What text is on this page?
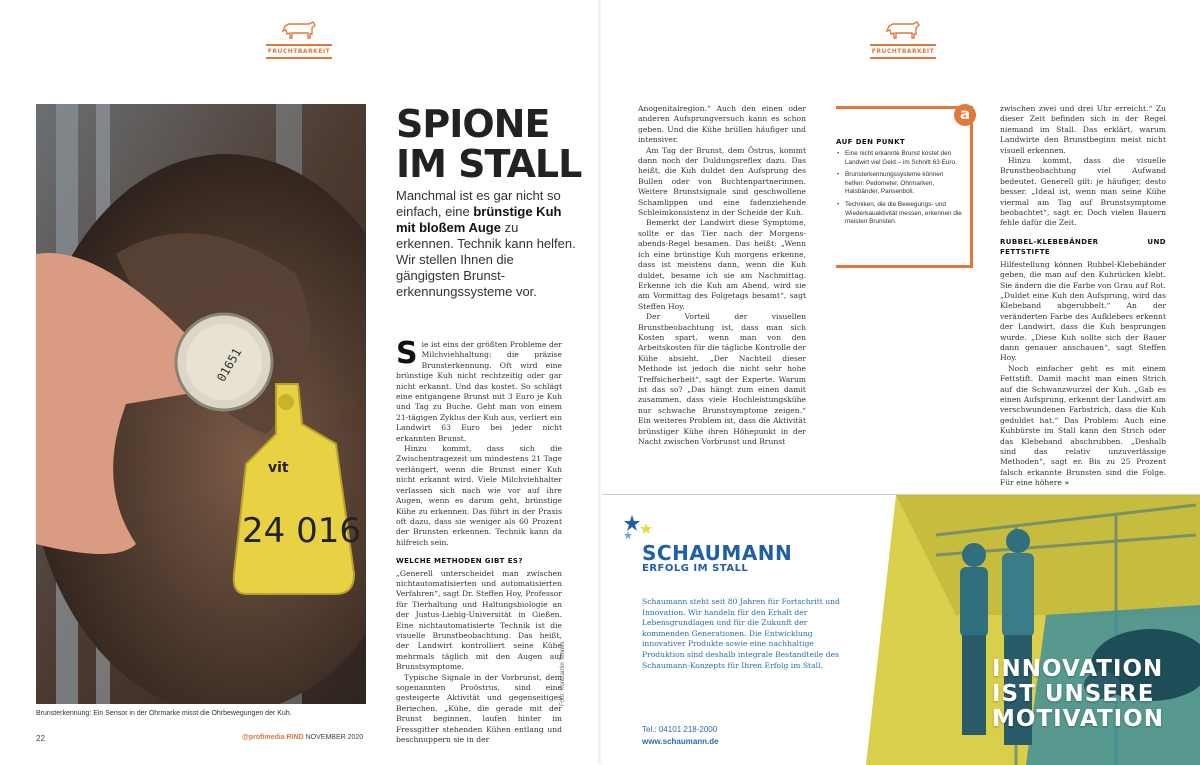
FRUCHTBARKEIT
01651
vit
24 016
Brunsterkennung: Ein Sensor in der Ohrmarke misst die Ohrbewegungen der Kuh.
Foto: Konstantin Tennes
SPIONE
IM STALL
Manchmal ist es gar nicht so einfach, eine brünstige Kuh mit bloßem Auge zu erkennen. Technik kann helfen. Wir stellen Ihnen die gängigsten Brunst-erkennungssysteme vor.

Sie ist eins der größten Probleme der Milchviehhaltung: die präzise Brunsterkennung. Oft wird eine brünstige Kuh nicht rechtzeitig oder gar nicht erkannt. Und das kostet. So schlägt eine entgangene Brunst mit 3 Euro je Kuh und Tag zu Buche. Geht man von einem 21-tägigen Zyklus der Kuh aus, verliert ein Landwirt 63 Euro bei jeder nicht erkannten Brunst.

Hinzu kommt, dass sich die Zwischentragezeit um mindestens 21 Tage verlängert, wenn die Brunst einer Kuh nicht erkannt wird. Viele Milchviehhalter verlassen sich nach wie vor auf ihre Augen, wenn es darum geht, brünstige Kühe zu erkennen. Das führt in der Praxis oft dazu, dass sie weniger als 60 Prozent der Brunsten erkennen. Technik kann da hilfreich sein.

WELCHE METHODEN GIBT ES?

„Generell unterscheidet man zwischen nichtautomatisierten und automatisierten Verfahren“, sagt Dr. Steffen Hoy, Professor für Tierhaltung und Haltungsbiologie an der Justus-Liebig-Universität in Gießen. Eine nichtautomatisierte Technik ist die visuelle Brunstbeobachtung. Das heißt, der Landwirt kontrolliert seine Kühe mehrmals täglich mit den Augen auf Brunstsymptome.

Typische Signale in der Vorbrunst, dem sogenannten Proöstrus, sind eine gesteigerte Aktivität und gegenseitiges Beriechen. „Kühe, die gerade mit der Brunst beginnen, laufen hinter im Fressgitter stehenden Kühen entlang und beschnuppern sie in der

22	@profimedia RIND NOVEMBER 2020
FRUCHTBARKEIT

Anogenitalregion.“ Auch den einen oder anderen Aufsprungversuch kann es schon geben. Und die Kühe brüllen häufiger und intensiver.

Am Tag der Brunst, dem Östrus, kommt dann noch der Duldungsreflex dazu. Das heißt, die Kuh duldet den Aufsprung des Bullen oder von Buchtenpartnerinnen. Weitere Brunstsignale sind geschwollene Schamlippen und eine fadenziehende Schleimkonsistenz in der Scheide der Kuh.

Bemerkt der Landwirt diese Symptome, sollte er das Tier nach der Morgens-abends-Regel besamen. Das heißt: „Wenn ich eine brünstige Kuh morgens erkenne, dass ist meistens dann, wenn die Kuh duldet, besame ich sie am Nachmittag. Erkenne ich die Kuh am Abend, wird sie am Vormittag des Folgetags besamt“, sagt Steffen Hoy.

Der Vorteil der visuellen Brunstbeobachtung ist, dass man sich Kosten spart, wenn man von den Arbeitskosten für die tägliche Kontrolle der Kühe absieht. „Der Nachteil dieser Methode ist jedoch die nicht sehr hohe Treffsicherheit“, sagt der Experte. Warum ist das so? „Das hängt zum einen damit zusammen, dass viele Hochleistungskühe nur schwache Brunstsymptome zeigen.“ Ein weiteres Problem ist, dass die Aktivität brünstiger Kühe ihren Höhepunkt in der Nacht zwischen Vorbrunst und Brunst

a
AUF DEN PUNKT
• Eine nicht erkannte Brunst kostet den Landwirt viel Geld – im Schnitt 63 Euro.
• Brunsterkennungssysteme können helfen: Pedometer, Ohrmarken, Halsbänder, Pansenboli.
• Techniken, die die Bewegungs- und Wiederkauaktivität messen, erkennen die meisten Brunsten.

zwischen zwei und drei Uhr erreicht.“ Zu dieser Zeit befinden sich in der Regel niemand im Stall. Das erklärt, warum Landwirte den Brunstbeginn meist nicht visuell erkennen.

Hinzu kommt, dass die visuelle Brunstbeobachtung viel Aufwand bedeutet. Generell gilt: je häufiger, desto besser. „Ideal ist, wenn man seine Kühe viermal am Tag auf Brunstsymptome beobachtet“, sagt er. Doch vielen Bauern fehle dafür die Zeit.

RUBBEL-KLEBEBÄNDER UND FETTSTIFTE

Hilfestellung können Rubbel-Klebebänder geben, die man auf den Kuhrücken klebt. Sie ändern die die Farbe von Grau auf Rot. „Duldet eine Kuh den Aufsprung, wird das Klebeband abgerubbelt.“ An der veränderten Farbe des Aufklebers erkennt der Landwirt, dass die Kuh besprungen wurde. „Diese Kuh sollte sich der Bauer dann genauer anschauen“, sagt Steffen Hoy.

Noch einfacher geht es mit einem Fettstift. Damit macht man einen Strich auf die Schwanzwurzel der Kuh. „Gab es einen Aufsprung, erkennt der Landwirt am verschwundenen Farbstrich, dass die Kuh geduldet hat.“ Das Problem: Auch eine Kuhbürste im Stall kann den Strich oder das Klebeband abschrubben. „Deshalb sind das relativ unzuverlässige Methoden“, sagt er. Bis zu 25 Prozent falsch erkannte Brunsten sind die Folge. Für eine höhere »

SCHAUMANN
ERFOLG IM STALL
Schaumann steht seit 80 Jahren für Fortschritt und Innovation. Wir handeln für den Erhalt der Lebensgrundlagen und für die Zukunft der kommenden Generationen. Die Entwicklung innovativer Produkte sowie eine nachhaltige Produktion sind deshalb integrale Bestandteile des Schaumann-Konzepts für Ihren Erfolg im Stall.
Tel.: 04101 218-2000
www.schaumann.de
INNOVATION
IST UNSERE
MOTIVATION
